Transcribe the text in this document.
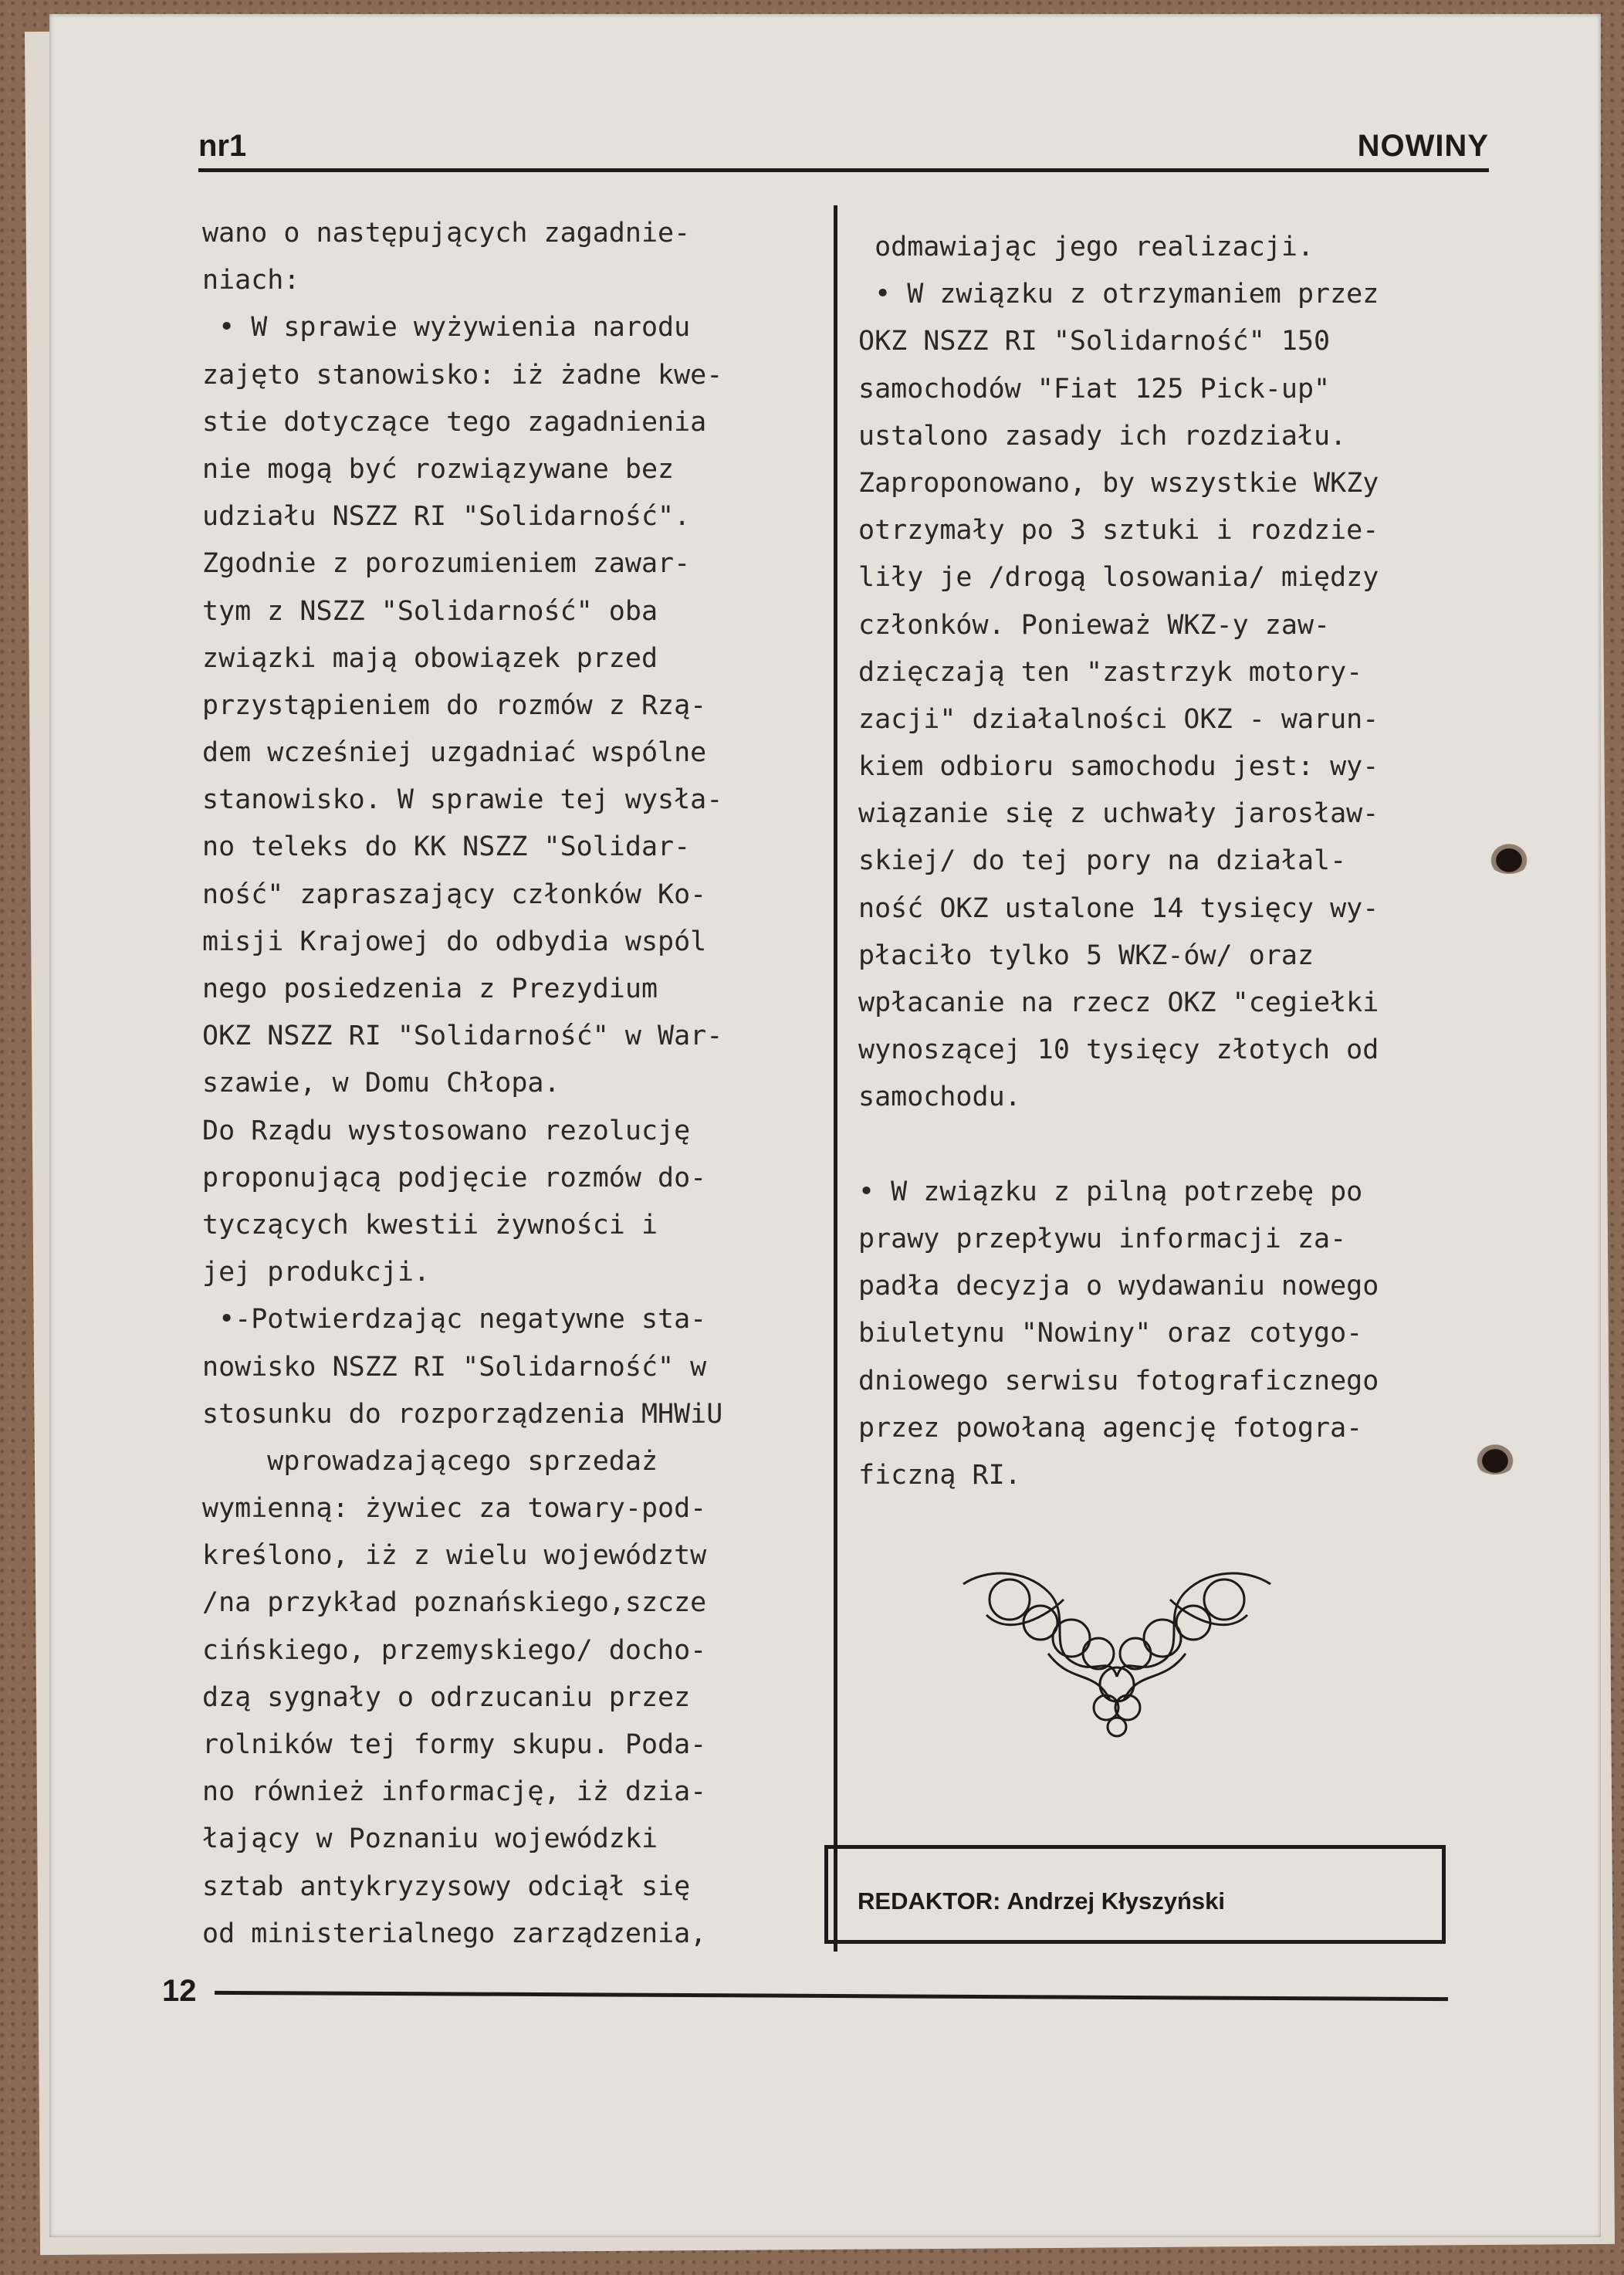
nr1	NOWINY
wano o następujących zagadnie-
niach:
• W sprawie wyżywienia narodu
zajęto stanowisko: iż żadne kwe-
stie dotyczące tego zagadnienia
nie mogą być rozwiązywane bez
udziału NSZZ RI "Solidarność".
Zgodnie z porozumieniem zawar-
tym z NSZZ "Solidarność" oba
związki mają obowiązek przed
przystąpieniem do rozmów z Rzą-
dem wcześniej uzgadniać wspólne
stanowisko. W sprawie tej wysła-
no teleks do KK NSZZ "Solidar-
ność" zapraszający członków Ko-
misji Krajowej do odbydia wspól
nego posiedzenia z Prezydium
OKZ NSZZ RI "Solidarność" w War-
szawie, w Domu Chłopa.
Do Rządu wystosowano rezolucję
proponującą podjęcie rozmów do-
tyczących kwestii żywności i
jej produkcji.
•-Potwierdzając negatywne sta-
nowisko NSZZ RI "Solidarność" w
stosunku do rozporządzenia MHWiU
wprowadzającego sprzedaż
wymienną: żywiec za towary-pod-
kreślono, iż z wielu województw
/na przykład poznańskiego,szcze
cińskiego, przemyskiego/ docho-
dzą sygnały o odrzucaniu przez
rolników tej formy skupu. Poda-
no również informację, iż dzia-
łający w Poznaniu wojewódzki
sztab antykryzysowy odciął się
od ministerialnego zarządzenia,
odmawiając jego realizacji.
• W związku z otrzymaniem przez
OKZ NSZZ RI "Solidarność" 150
samochodów "Fiat 125 Pick-up"
ustalono zasady ich rozdziału.
Zaproponowano, by wszystkie WKZy
otrzymały po 3 sztuki i rozdzie-
liły je /drogą losowania/ między
członków. Ponieważ WKZ-y zaw-
dzięczają ten "zastrzyk motory-
zacji" działalności OKZ - warun-
kiem odbioru samochodu jest: wy-
wiązanie się z uchwały jarosław-
skiej/ do tej pory na działal-
ność OKZ ustalone 14 tysięcy wy-
płaciło tylko 5 WKZ-ów/ oraz
wpłacanie na rzecz OKZ "cegiełki
wynoszącej 10 tysięcy złotych od
samochodu.
• W związku z pilną potrzebę po
prawy przepływu informacji za-
padła decyzja o wydawaniu nowego
biuletynu "Nowiny" oraz cotygo-
dniowego serwisu fotograficznego
przez powołaną agencję fotogra-
ficzną RI.
REDAKTOR: Andrzej Kłyszyński
12
